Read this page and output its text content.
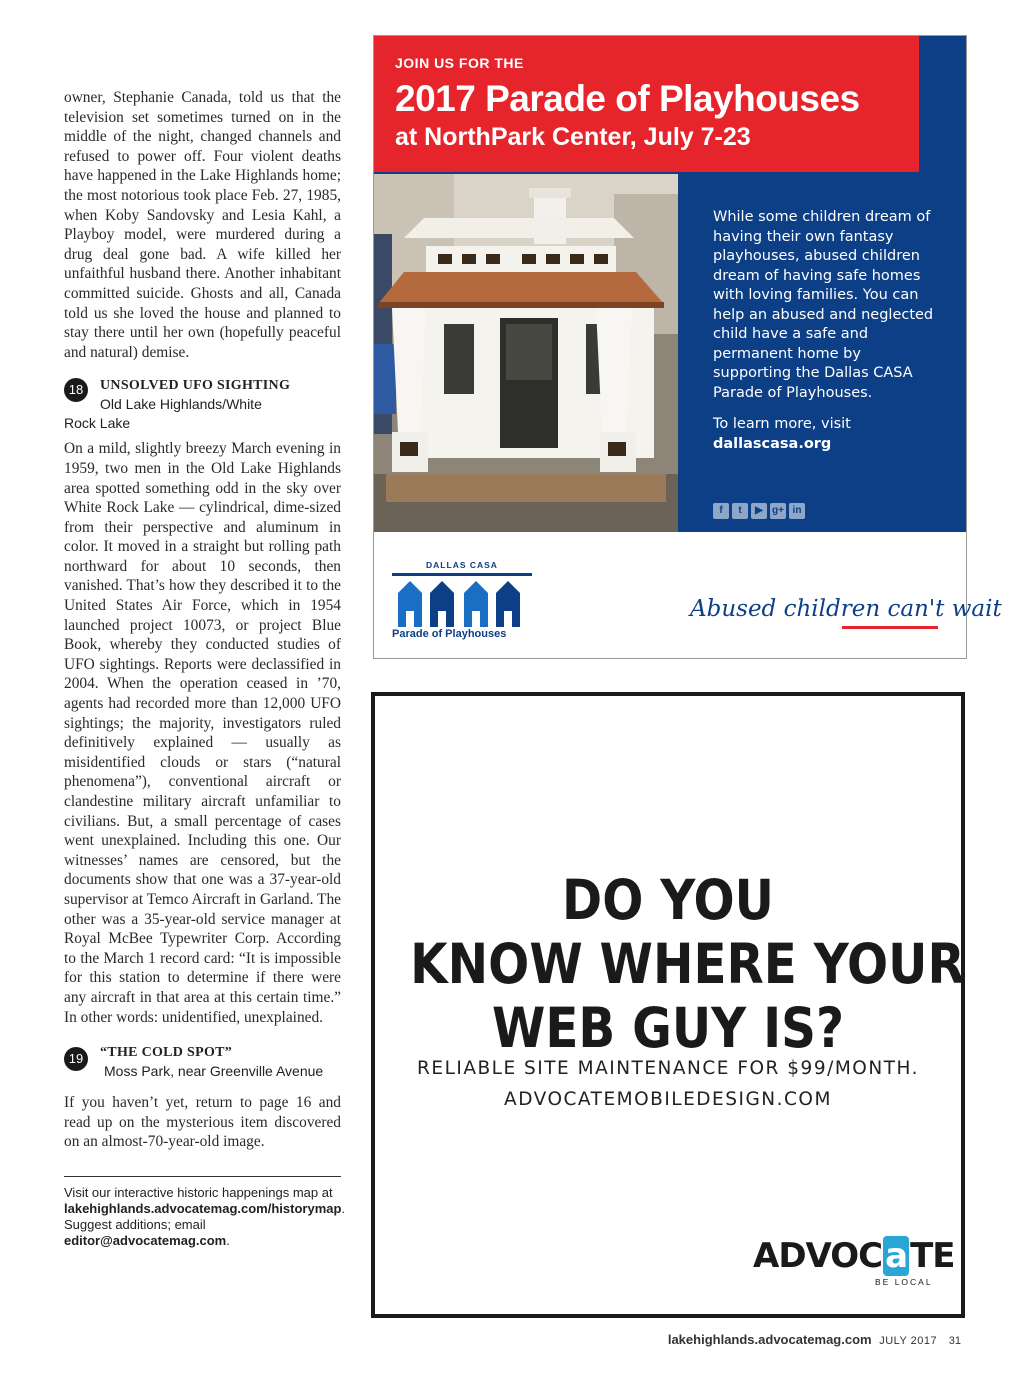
owner, Stephanie Canada, told us that the television set sometimes turned on in the middle of the night, changed channels and refused to power off. Four violent deaths have happened in the Lake Highlands home; the most notorious took place Feb. 27, 1985, when Koby Sandovsky and Lesia Kahl, a Playboy model, were murdered during a drug deal gone bad. A wife killed her unfaithful husband there. Another inhabitant committed suicide. Ghosts and all, Canada told us she loved the house and planned to stay there until her own (hopefully peaceful and natural) demise.

18	UNSOLVED UFO SIGHTING
Old Lake Highlands/White
Rock Lake

On a mild, slightly breezy March evening in 1959, two men in the Old Lake Highlands area spotted something odd in the sky over White Rock Lake — cylindrical, dime-sized from their perspective and aluminum in color. It moved in a straight but rolling path northward for about 10 seconds, then vanished. That’s how they described it to the United States Air Force, which in 1954 launched project 10073, or project Blue Book, whereby they conducted studies of UFO sightings. Reports were declassified in 2004. When the operation ceased in ’70, agents had recorded more than 12,000 UFO sightings; the majority, investigators ruled definitively explained — usually as misidentified clouds or stars (“natural phenomena”), conventional aircraft or clandestine military aircraft unfamiliar to civilians. But, a small percentage of cases went unexplained. Including this one. Our witnesses’ names are censored, but the documents show that one was a 37-year-old supervisor at Temco Aircraft in Garland. The other was a 35-year-old service manager at Royal McBee Typewriter Corp. According to the March 1 record card: “It is impossible for this station to determine if there were any aircraft in that area at this certain time.” In other words: unidentified, unexplained.

19	“THE COLD SPOT”
Moss Park, near Greenville Avenue

If you haven’t yet, return to page 16 and read up on the mysterious item discovered on an almost-70-year-old image.

Visit our interactive historic happenings map at lakehighlands.advocatemag.com/historymap. Suggest additions; email editor@advocatemag.com.

JOIN US FOR THE
2017 Parade of Playhouses
at NorthPark Center, July 7-23
While some children dream of having their own fantasy playhouses, abused children dream of having safe homes with loving families. You can help an abused and neglected child have a safe and permanent home by supporting the Dallas CASA Parade of Playhouses.
To learn more, visit
dallascasa.org
f	t	▶ g+ in
DALLAS CASA
Parade of Playhouses
Abused children can't wait
DO YOU
KNOW WHERE YOUR
WEB GUY IS?
RELIABLE SITE MAINTENANCE FOR $99/MONTH.
ADVOCATEMOBILEDESIGN.COM
ADVOCaTE
BE LOCAL
lakehighlands.advocatemag.com JULY 2017 31
